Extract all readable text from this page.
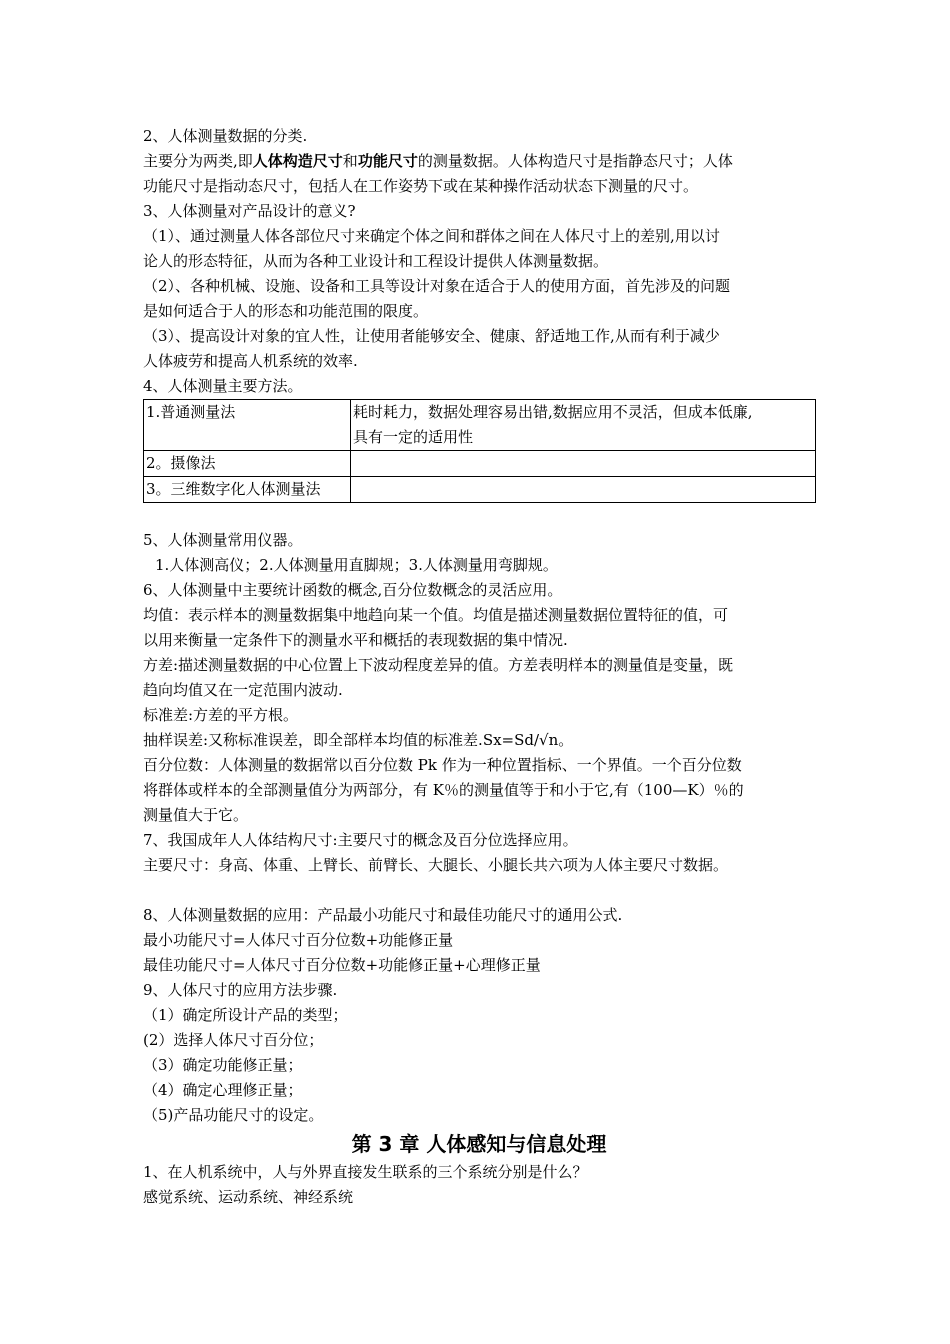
2、人体测量数据的分类.
主要分为两类,即人体构造尺寸和功能尺寸的测量数据。人体构造尺寸是指静态尺寸；人体
功能尺寸是指动态尺寸，包括人在工作姿势下或在某种操作活动状态下测量的尺寸。
3、人体测量对产品设计的意义?
（1）、通过测量人体各部位尺寸来确定个体之间和群体之间在人体尺寸上的差别,用以讨
论人的形态特征，从而为各种工业设计和工程设计提供人体测量数据。
（2）、各种机械、设施、设备和工具等设计对象在适合于人的使用方面，首先涉及的问题
是如何适合于人的形态和功能范围的限度。
（3）、提高设计对象的宜人性，让使用者能够安全、健康、舒适地工作,从而有利于减少
人体疲劳和提高人机系统的效率.
4、人体测量主要方法。
1.普通测量法	耗时耗力，数据处理容易出错,数据应用不灵活，但成本低廉,
具有一定的适用性

2。摄像法	
3。三维数字化人体测量法	
5、人体测量常用仪器。
1.人体测高仪；2.人体测量用直脚规；3.人体测量用弯脚规。
6、人体测量中主要统计函数的概念,百分位数概念的灵活应用。
均值：表示样本的测量数据集中地趋向某一个值。均值是描述测量数据位置特征的值，可
以用来衡量一定条件下的测量水平和概括的表现数据的集中情况.
方差:描述测量数据的中心位置上下波动程度差异的值。方差表明样本的测量值是变量，既
趋向均值又在一定范围内波动.
标准差:方差的平方根。
抽样误差:又称标准误差，即全部样本均值的标准差.Sx=Sd/√n。
百分位数：人体测量的数据常以百分位数 Pk 作为一种位置指标、一个界值。一个百分位数
将群体或样本的全部测量值分为两部分，有 K％的测量值等于和小于它,有（100—K）％的
测量值大于它。
7、我国成年人人体结构尺寸:主要尺寸的概念及百分位选择应用。
主要尺寸：身高、体重、上臂长、前臂长、大腿长、小腿长共六项为人体主要尺寸数据。
8、人体测量数据的应用：产品最小功能尺寸和最佳功能尺寸的通用公式.
最小功能尺寸=人体尺寸百分位数+功能修正量
最佳功能尺寸=人体尺寸百分位数+功能修正量+心理修正量
9、人体尺寸的应用方法步骤.
（1）确定所设计产品的类型；
(2）选择人体尺寸百分位；
（3）确定功能修正量；
（4）确定心理修正量；
（5)产品功能尺寸的设定。
第 3 章 人体感知与信息处理
1、在人机系统中，人与外界直接发生联系的三个系统分别是什么？
感觉系统、运动系统、神经系统
